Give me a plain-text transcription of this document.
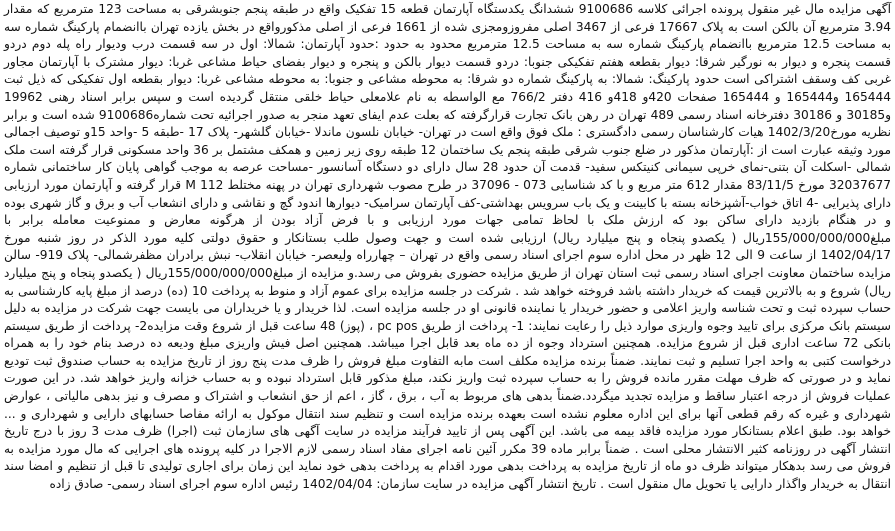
آگهی مزایده مال غیر منقول پرونده اجرائی کلاسه 9100686 ششدانگ یکدستگاه آپارتمان قطعه 15 تفکیک واقع در طبقه پنجم جنوبشرقی به مساحت 123 مترمربع که مقدار 3.94 مترمربع آن بالکن است به پلاک 17667 فرعی از 3467 اصلی مفروزومجزی شده از 1661 فرعی از اصلی مذکورواقع در بخش یازده تهران باانضمام پارکینگ شماره سه به مساحت 12.5 مترمربع باانضمام پارکینگ شماره سه به مساحت 12.5 مترمربع محدود به حدود :حدود آپارتمان: شمالا: اول در سه قسمت درب ودیوار راه پله دوم دردو قسمت پنجره و دیوار به نورگیر شرقا: دیوار بقطعه هفتم تفکیکی جنوبا: دردو قسمت دیوار بالکن و پنجره و دیوار بفضای حیاط مشاعی غربا: دیوار مشترک با آپارتمان مجاور غربی کف وسقف اشتراکی است حدود پارکینگ: شمالا: به پارکینگ شماره دو شرقا: به محوطه مشاعی و جنوبا: به محوطه مشاعی غربا: دیوار بقطعه اول تفکیکی که ذیل ثبت 165444 و165444 و 165444 صفحات 420و 418و 416 دفتر 766/2 مع الواسطه به نام علامعلی حیاط خلقی منتقل گردیده است و سپس برابر اسناد رهنی 19962 و30185 و 30186 دفترخانه اسناد رسمی 489 تهران در رهن بانک تجارت قرارگرفته که بعلت عدم ایفای تعهد منجر به صدور اجرائیه تحت شماره9100686 شده است و برابر نظریه مورخ1402/3/20 هیات کارشناسان رسمی دادگستری : ملک فوق واقع است در تهران- خیابان نلسون ماندلا -خیابان گلشهر- پلاک 17 -طبقه 5 -واحد 15و توصیف اجمالی مورد وثیقه عبارت است از :آپارتمان مذکور در ضلع جنوب شرقی طبقه پنجم یک ساختمان 12 طبقه روی زیر زمین و همکف مشتمل بر 36 واحد مسکونی قرار گرفته است ملک شمالی -اسکلت آن بتنی-نمای خرپی سیمانی کنیتکس سفید- قدمت آن حدود 28 سال دارای دو دستگاه آسانسور -مساحت عرصه به موجب گواهی پایان کار ساختمانی شماره 32037677 مورخ 83/11/5 مقدار 612 متر مربع و با کد شناسایی 073 - 37096 در طرح مصوب شهرداری تهران در پهنه مختلط M 112 قرار گرفته و آپارتمان مورد ارزیابی دارای پذیرایی -4 اتاق خواب-آشپزخانه بسته با کابینت و یک باب سرویس بهداشتی-کف آپارتمان سرامیک- دیوارها اندود گچ و نقاشی و دارای انشعاب آب و برق و گاز شهری بوده و در هنگام بازدید دارای ساکن بود که ارزش ملک با لحاظ تمامی جهات مورد ارزیابی و با فرض آزاد بودن از هرگونه معارض و ممنوعیت معامله برابر با مبلغ155/000/000/000ریال ( یکصدو پنجاه و پنج میلیارد ریال) ارزیابی شده است و جهت وصول طلب بستانکار و حقوق دولتی کلیه مورد الذکر در روز شنبه مورخ 1402/04/17 از ساعت 9 الی 12 ظهر در محل اداره سوم اجرای اسناد رسمی واقع در تهران – چهارراه ولیعصر- خیابان انقلاب- نبش برادران مظفرشمالی- پلاک 919- سالن مزایده ساختمان معاونت اجرای اسناد رسمی ثبت استان تهران از طریق مزایده حضوری بفروش می رسد.و مزایده از مبلغ155/000/000/000ریال ( یکصدو پنجاه و پنج میلیارد ریال) شروع و به بالاترین قیمت که خریدار داشته باشد فروخته خواهد شد . شرکت در جلسه مزایده برای عموم آزاد و منوط به پرداخت 10 (ده) درصد از مبلغ پایه کارشناسی به حساب سپرده ثبت و تحت شناسه واریز اعلامی و حضور خریدار یا نماینده قانونی او در جلسه مزایده است. لذا خریدار و یا خریداران می بایست جهت شرکت در مزایده به دلیل سیستم بانک مرکزی برای تایید وجوه واریزی موارد ذیل را رعایت نمایند: 1- پرداخت از طریق pc pos ، (پوز) 48 ساعت قبل از شروع وقت مزایده2- پرداخت از طریق سیستم بانکی 72 ساعت اداری قبل از شروع مزایده. همچنین استرداد وجوه از ده ماه بعد قابل اجرا میباشد. همچنین اصل فیش واریزی مبلغ ودیعه ده درصد بنام خود را به همراه درخواست کتبی به واحد اجرا تسلیم و ثبت نمایند. ضمناً برنده مزایده مکلف است مابه التفاوت مبلغ فروش را ظرف مدت پنج روز از تاریخ مزایده به حساب صندوق ثبت تودیع نماید و در صورتی که ظرف مهلت مقرر مانده فروش را به حساب سپرده ثبت واریز نکند، مبلغ مذکور قابل استرداد نبوده و به حساب خزانه واریز خواهد شد. در این صورت عملیات فروش از درجه اعتبار ساقط و مزایده تجدید میگردد.ضمناً بدهی های مربوط به آب ، برق ، گاز ، اعم از حق انشعاب و اشتراک و مصرف و نیز بدهی مالیاتی ، عوارض شهرداری و غیره که رقم قطعی آنها برای این اداره معلوم نشده است بعهده برنده مزایده است و تنظیم سند انتقال موکول به ارائه مفاصا حسابهای دارایی و شهرداری و ... خواهد بود. طبق اعلام بستانکار مورد مزایده فاقد بیمه می باشد. این آگهی پس از تایید فرآیند مزایده در سایت آگهی های سازمان ثبت (اجرا) ظرف مدت 3 روز با درج تاریخ انتشار آگهی در روزنامه کثیر الانتشار محلی است . ضمناً برابر ماده 39 مکرر آئین نامه اجرای مفاد اسناد رسمی لازم الاجرا در کلیه پرونده های اجرایی که مال مورد مزایده به فروش می رسد بدهکار میتواند ظرف دو ماه از تاریخ مزایده به پرداخت بدهی مورد اقدام به پرداخت بدهی خود نماید این زمان برای اجاری تولیدی تا قبل از تنظیم و امضا سند انتقال به خریدار واگذار دارایی یا تحویل مال منقول است . تاریخ انتشار آگهی مزایده در سایت سازمان: 1402/04/04 رئیس اداره سوم اجرای اسناد رسمی- صادق زاده
